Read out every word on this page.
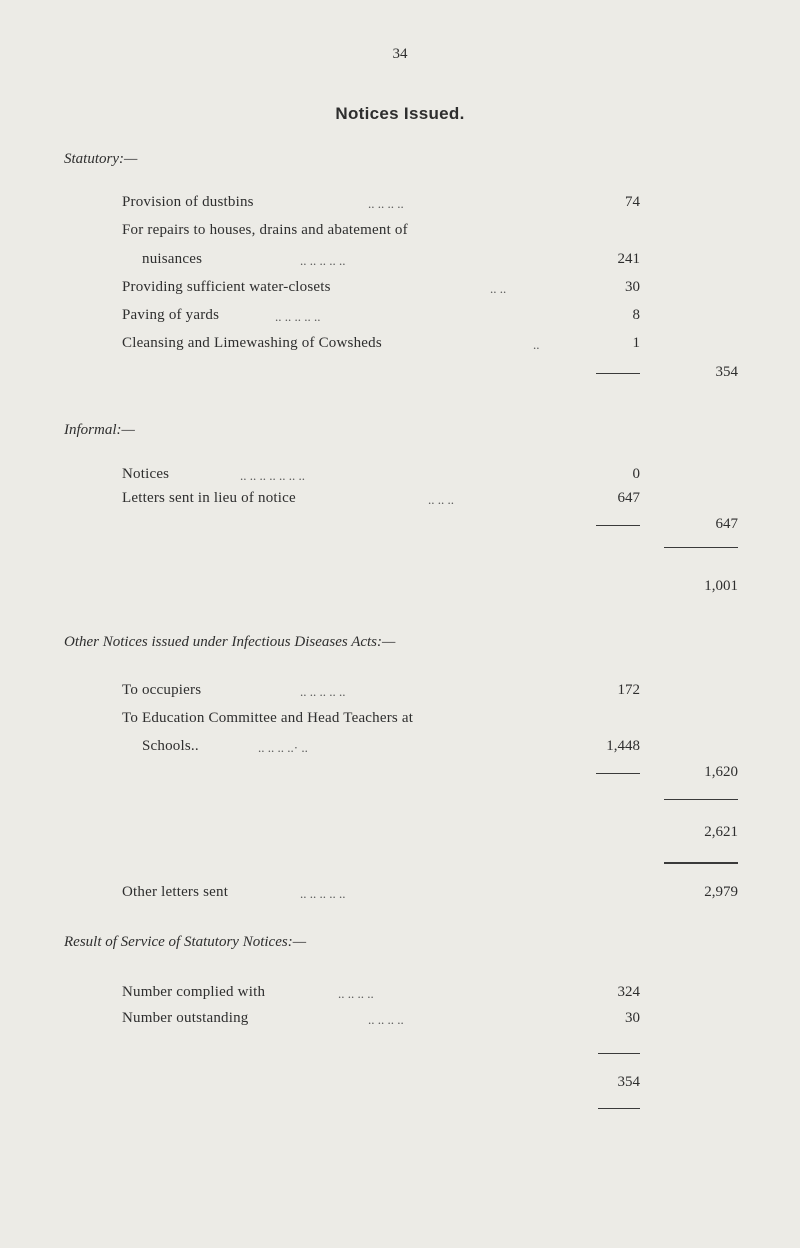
34
Notices Issued.
Statutory:—
Provision of dustbins	.. .. .. ..	74
For repairs to houses, drains and abatement of
nuisances	.. .. .. .. ..	241
Providing sufficient water-closets	.. ..	30
Paving of yards	.. .. .. .. ..	8
Cleansing and Limewashing of Cowsheds	..	1
354
Informal:—
Notices	.. .. .. .. .. .. ..	0
Letters sent in lieu of notice	.. .. ..	647
647
1,001
Other Notices issued under Infectious Diseases Acts:—
To occupiers	.. .. .. .. ..	172
To Education Committee and Head Teachers at
Schools..	.. .. .. ..· ..	1,448
1,620
2,621
Other letters sent	.. .. .. .. ..	2,979
Result of Service of Statutory Notices:—
Number complied with	.. .. .. ..	324
Number outstanding	.. .. .. ..	30
354
